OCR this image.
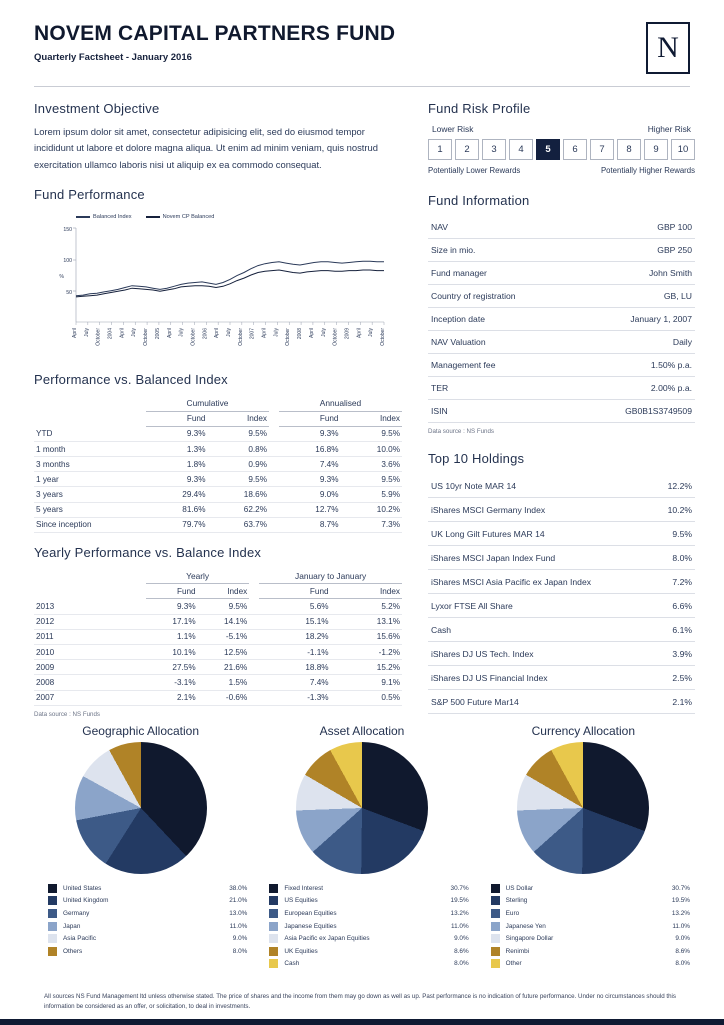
NOVEM CAPITAL PARTNERS FUND
Quarterly Factsheet - January 2016	N
Investment Objective

Lorem ipsum dolor sit amet, consectetur adipisicing elit, sed do eiusmod tempor incididunt ut labore et dolore magna aliqua. Ut enim ad minim veniam, quis nostrud exercitation ullamco laboris nisi ut aliquip ex ea commodo consequat.

Fund Performance
Balanced Index	Novem CP Balanced
150
100
50
%
April July October 2004 April July October 2005 April July October 2006 April July October 2007 April July October 2008 April July October 2009 April July October
Performance vs. Balanced Index
	Cumulative			Annualised	
	Fund	Index		Fund	Index
YTD	9.3%	9.5%		9.3%	9.5%
1 month	1.3%	0.8%		16.8%	10.0%
3 months	1.8%	0.9%		7.4%	3.6%
1 year	9.3%	9.5%		9.3%	9.5%
3 years	29.4%	18.6%		9.0%	5.9%
5 years	81.6%	62.2%		12.7%	10.2%
Since inception	79.7%	63.7%		8.7%	7.3%
Yearly Performance vs. Balance Index
	Yearly			January to January	
	Fund	Index		Fund	Index
2013	9.3%	9.5%		5.6%	5.2%
2012	17.1%	14.1%		15.1%	13.1%
2011	1.1%	-5.1%		18.2%	15.6%
2010	10.1%	12.5%		-1.1%	-1.2%
2009	27.5%	21.6%		18.8%	15.2%
2008	-3.1%	1.5%		7.4%	9.1%
2007	2.1%	-0.6%		-1.3%	0.5%
Data source : NS Funds
Fund Risk Profile
Lower Risk	Higher Risk
1	2	3	4	5	6	7	8	9	10
Potentially Lower Rewards	Potentially Higher Rewards
Fund Information
NAV	GBP 100
Size in mio.	GBP 250
Fund manager	John Smith
Country of registration	GB, LU
Inception date	January 1, 2007
NAV Valuation	Daily
Management fee	1.50% p.a.
TER	2.00% p.a.
ISIN	GB0B1S3749509
Data source : NS Funds
Top 10 Holdings
US 10yr Note MAR 14	12.2%
iShares MSCI Germany Index	10.2%
UK Long Gilt Futures MAR 14	9.5%
iShares MSCI Japan Index Fund	8.0%
iShares MSCI Asia Pacific ex Japan Index	7.2%
Lyxor FTSE All Share	6.6%
Cash	6.1%
iShares DJ US Tech. Index	3.9%
iShares DJ US Financial Index	2.5%
S&P 500 Future Mar14	2.1%
Geographic Allocation
United States	38.0%
United Kingdom	21.0%
Germany	13.0%
Japan	11.0%
Asia Pacific	9.0%
Others	8.0%
Asset Allocation
Fixed Interest	30.7%
US Equities	19.5%
European Equities	13.2%
Japanese Equities	11.0%
Asia Pacific ex Japan Equities	9.0%
UK Equities	8.6%
Cash	8.0%
Currency Allocation
US Dollar	30.7%
Sterling	19.5%
Euro	13.2%
Japanese Yen	11.0%
Singapore Dollar	9.0%
Renimbi	8.6%
Other	8.0%
All sources NS Fund Management ltd unless otherwise stated. The price of shares and the income from them may go down as well as up. Past performance is no indication of future performance. Under no circumstances should this information be considered as an offer, or solicitation, to deal in investments.
